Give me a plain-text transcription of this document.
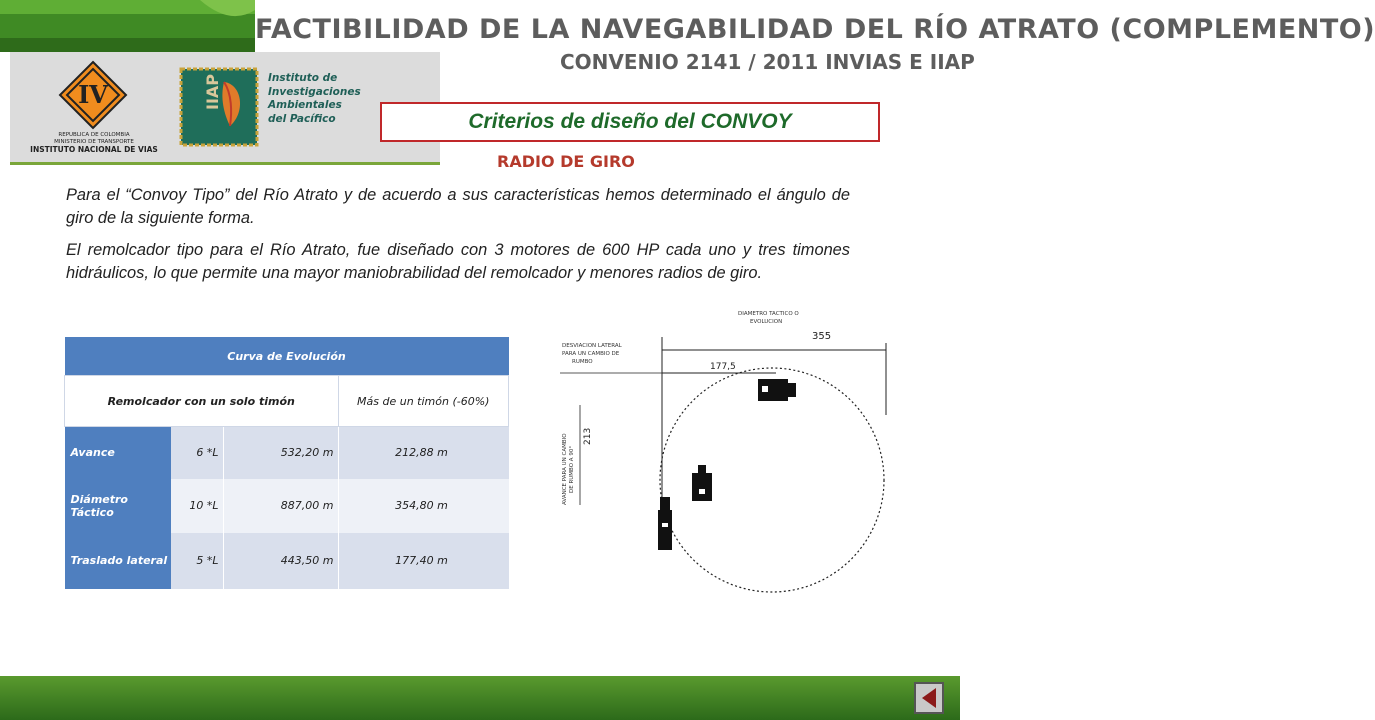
FACTIBILIDAD DE LA NAVEGABILIDAD DEL RÍO ATRATO (COMPLEMENTO)
CONVENIO 2141 / 2011 INVIAS E IIAP
IV
REPUBLICA DE COLOMBIA
MINISTERIO DE TRANSPORTE
INSTITUTO NACIONAL DE VIAS
IIAP	Instituto de
Investigaciones
Ambientales
del Pacífico	Criterios de diseño del CONVOY
RADIO DE GIRO
Para el “Convoy Tipo” del Río Atrato y de acuerdo a sus características hemos determinado el ángulo de giro de la siguiente forma.
El remolcador tipo para el Río Atrato, fue diseñado con 3 motores de 600 HP cada uno y tres timones hidráulicos, lo que permite una mayor maniobrabilidad del remolcador y menores radios de giro.
Curva de Evolución			
Remolcador con un solo timón			Más de un timón (-60%)
Avance	6 *L	532,20 m	212,88 m
Diámetro Táctico	10 *L	887,00 m	354,80 m
Traslado lateral	5 *L	443,50 m	177,40 m
DIAMETRO TACTICO O
EVOLUCION
355
DESVIACION LATERAL
PARA UN CAMBIO DE
RUMBO	177,5
AVANCE PARA UN CAMBIO DE RUMBO A 90°
213
